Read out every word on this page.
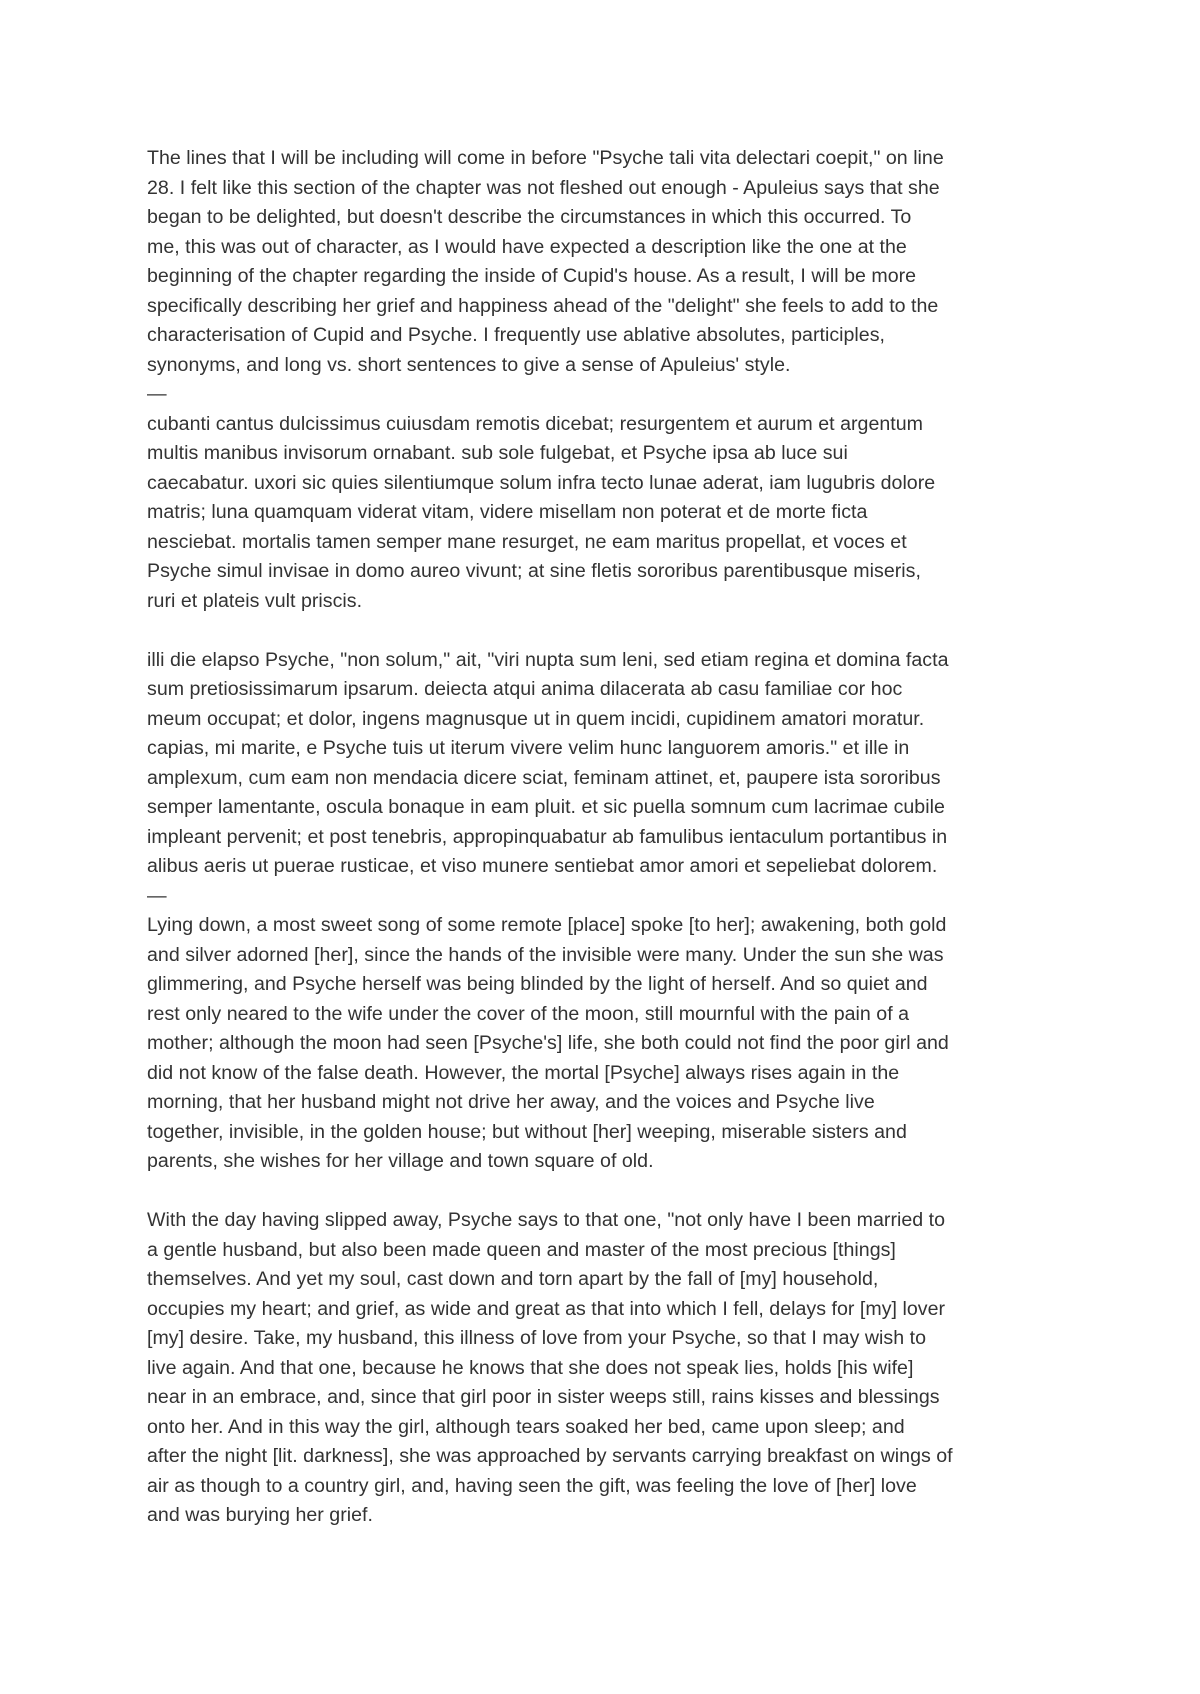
The lines that I will be including will come in before "Psyche tali vita delectari coepit," on line
28. I felt like this section of the chapter was not fleshed out enough - Apuleius says that she
began to be delighted, but doesn't describe the circumstances in which this occurred. To
me, this was out of character, as I would have expected a description like the one at the
beginning of the chapter regarding the inside of Cupid's house. As a result, I will be more
specifically describing her grief and happiness ahead of the "delight" she feels to add to the
characterisation of Cupid and Psyche. I frequently use ablative absolutes, participles,
synonyms, and long vs. short sentences to give a sense of Apuleius' style.

—

cubanti cantus dulcissimus cuiusdam remotis dicebat; resurgentem et aurum et argentum
multis manibus invisorum ornabant. sub sole fulgebat, et Psyche ipsa ab luce sui
caecabatur. uxori sic quies silentiumque solum infra tecto lunae aderat, iam lugubris dolore
matris; luna quamquam viderat vitam, videre misellam non poterat et de morte ficta
nesciebat. mortalis tamen semper mane resurget, ne eam maritus propellat, et voces et
Psyche simul invisae in domo aureo vivunt; at sine fletis sororibus parentibusque miseris,
ruri et plateis vult priscis.

illi die elapso Psyche, "non solum," ait, "viri nupta sum leni, sed etiam regina et domina facta
sum pretiosissimarum ipsarum. deiecta atqui anima dilacerata ab casu familiae cor hoc
meum occupat; et dolor, ingens magnusque ut in quem incidi, cupidinem amatori moratur.
capias, mi marite, e Psyche tuis ut iterum vivere velim hunc languorem amoris." et ille in
amplexum, cum eam non mendacia dicere sciat, feminam attinet, et, paupere ista sororibus
semper lamentante, oscula bonaque in eam pluit. et sic puella somnum cum lacrimae cubile
impleant pervenit; et post tenebris, appropinquabatur ab famulibus ientaculum portantibus in
alibus aeris ut puerae rusticae, et viso munere sentiebat amor amori et sepeliebat dolorem.

—

Lying down, a most sweet song of some remote [place] spoke [to her]; awakening, both gold
and silver adorned [her], since the hands of the invisible were many. Under the sun she was
glimmering, and Psyche herself was being blinded by the light of herself. And so quiet and
rest only neared to the wife under the cover of the moon, still mournful with the pain of a
mother; although the moon had seen [Psyche's] life, she both could not find the poor girl and
did not know of the false death. However, the mortal [Psyche] always rises again in the
morning, that her husband might not drive her away, and the voices and Psyche live
together, invisible, in the golden house; but without [her] weeping, miserable sisters and
parents, she wishes for her village and town square of old.

With the day having slipped away, Psyche says to that one, "not only have I been married to
a gentle husband, but also been made queen and master of the most precious [things]
themselves. And yet my soul, cast down and torn apart by the fall of [my] household,
occupies my heart; and grief, as wide and great as that into which I fell, delays for [my] lover
[my] desire. Take, my husband, this illness of love from your Psyche, so that I may wish to
live again. And that one, because he knows that she does not speak lies, holds [his wife]
near in an embrace, and, since that girl poor in sister weeps still, rains kisses and blessings
onto her. And in this way the girl, although tears soaked her bed, came upon sleep; and
after the night [lit. darkness], she was approached by servants carrying breakfast on wings of
air as though to a country girl, and, having seen the gift, was feeling the love of [her] love
and was burying her grief.
